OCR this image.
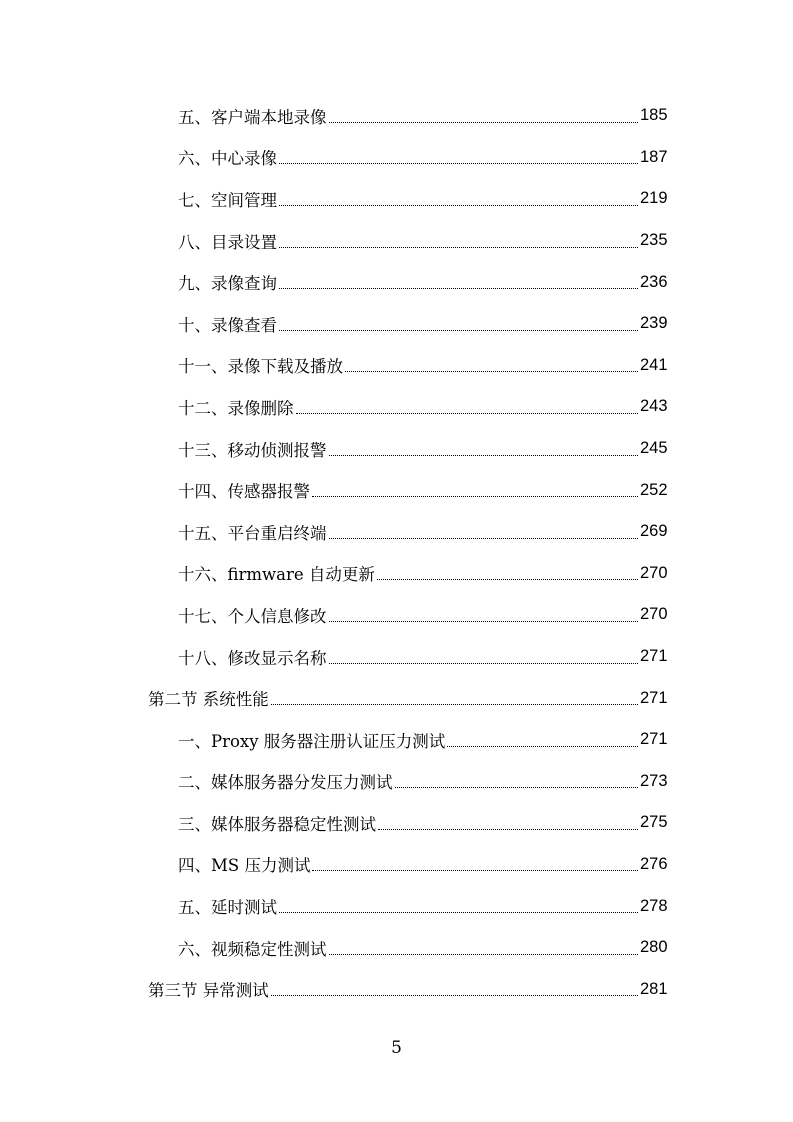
五、客户端本地录像	185
六、中心录像	187
七、空间管理	219
八、目录设置	235
九、录像查询	236
十、录像查看	239
十一、录像下载及播放	241
十二、录像删除	243
十三、移动侦测报警	245
十四、传感器报警	252
十五、平台重启终端	269
十六、firmware 自动更新	270
十七、个人信息修改	270
十八、修改显示名称	271
第二节 系统性能	271
一、Proxy 服务器注册认证压力测试	271
二、媒体服务器分发压力测试	273
三、媒体服务器稳定性测试	275
四、MS 压力测试	276
五、延时测试	278
六、视频稳定性测试	280
第三节 异常测试	281
5
